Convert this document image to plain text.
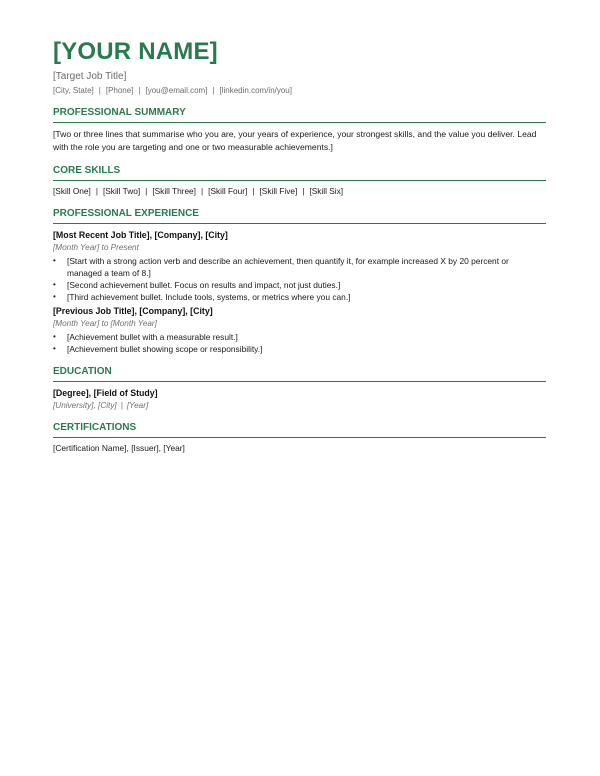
[YOUR NAME]
[Target Job Title]
[City, State] | [Phone] | [you@email.com] | [linkedin.com/in/you]
PROFESSIONAL SUMMARY
[Two or three lines that summarise who you are, your years of experience, your strongest skills, and the value you deliver. Lead with the role you are targeting and one or two measurable achievements.]
CORE SKILLS
[Skill One] | [Skill Two] | [Skill Three] | [Skill Four] | [Skill Five] | [Skill Six]
PROFESSIONAL EXPERIENCE
[Most Recent Job Title], [Company], [City]
[Month Year] to Present
• [Start with a strong action verb and describe an achievement, then quantify it, for example increased X by 20 percent or managed a team of 8.]
• [Second achievement bullet. Focus on results and impact, not just duties.]
• [Third achievement bullet. Include tools, systems, or metrics where you can.]
[Previous Job Title], [Company], [City]
[Month Year] to [Month Year]
• [Achievement bullet with a measurable result.]
• [Achievement bullet showing scope or responsibility.]
EDUCATION
[Degree], [Field of Study]
[University], [City] | [Year]
CERTIFICATIONS
[Certification Name], [Issuer], [Year]
